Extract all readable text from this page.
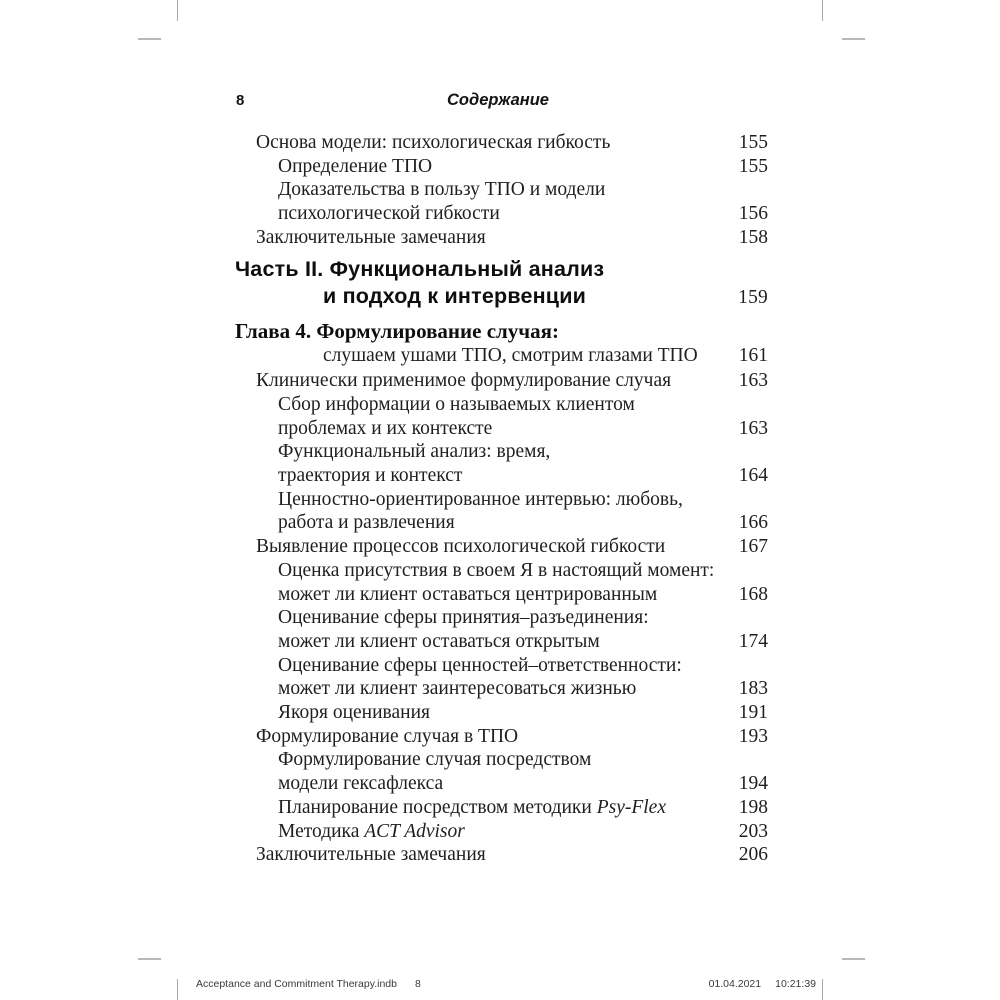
8	Содержание
Основа модели: психологическая гибкость	155
Определение ТПО	155
Доказательства в пользу ТПО и модели
психологической гибкости	156
Заключительные замечания	158
Часть II. Функциональный анализ
и подход к интервенции	159
Глава 4. Формулирование случая:
слушаем ушами ТПО, смотрим глазами ТПО	161
Клинически применимое формулирование случая	163
Сбор информации о называемых клиентом
проблемах и их контексте	163
Функциональный анализ: время,
траектория и контекст	164
Ценностно-ориентированное интервью: любовь,
работа и развлечения	166
Выявление процессов психологической гибкости	167
Оценка присутствия в своем Я в настоящий момент:
может ли клиент оставаться центрированным	168
Оценивание сферы принятия–разъединения:
может ли клиент оставаться открытым	174
Оценивание сферы ценностей–ответственности:
может ли клиент заинтересоваться жизнью	183
Якоря оценивания	191
Формулирование случая в ТПО	193
Формулирование случая посредством
модели гексафлекса	194
Планирование посредством методики Psy-Flex	198
Методика ACT Advisor	203
Заключительные замечания	206
Acceptance and Commitment Therapy.indb 8	01.04.2021 10:21:39
